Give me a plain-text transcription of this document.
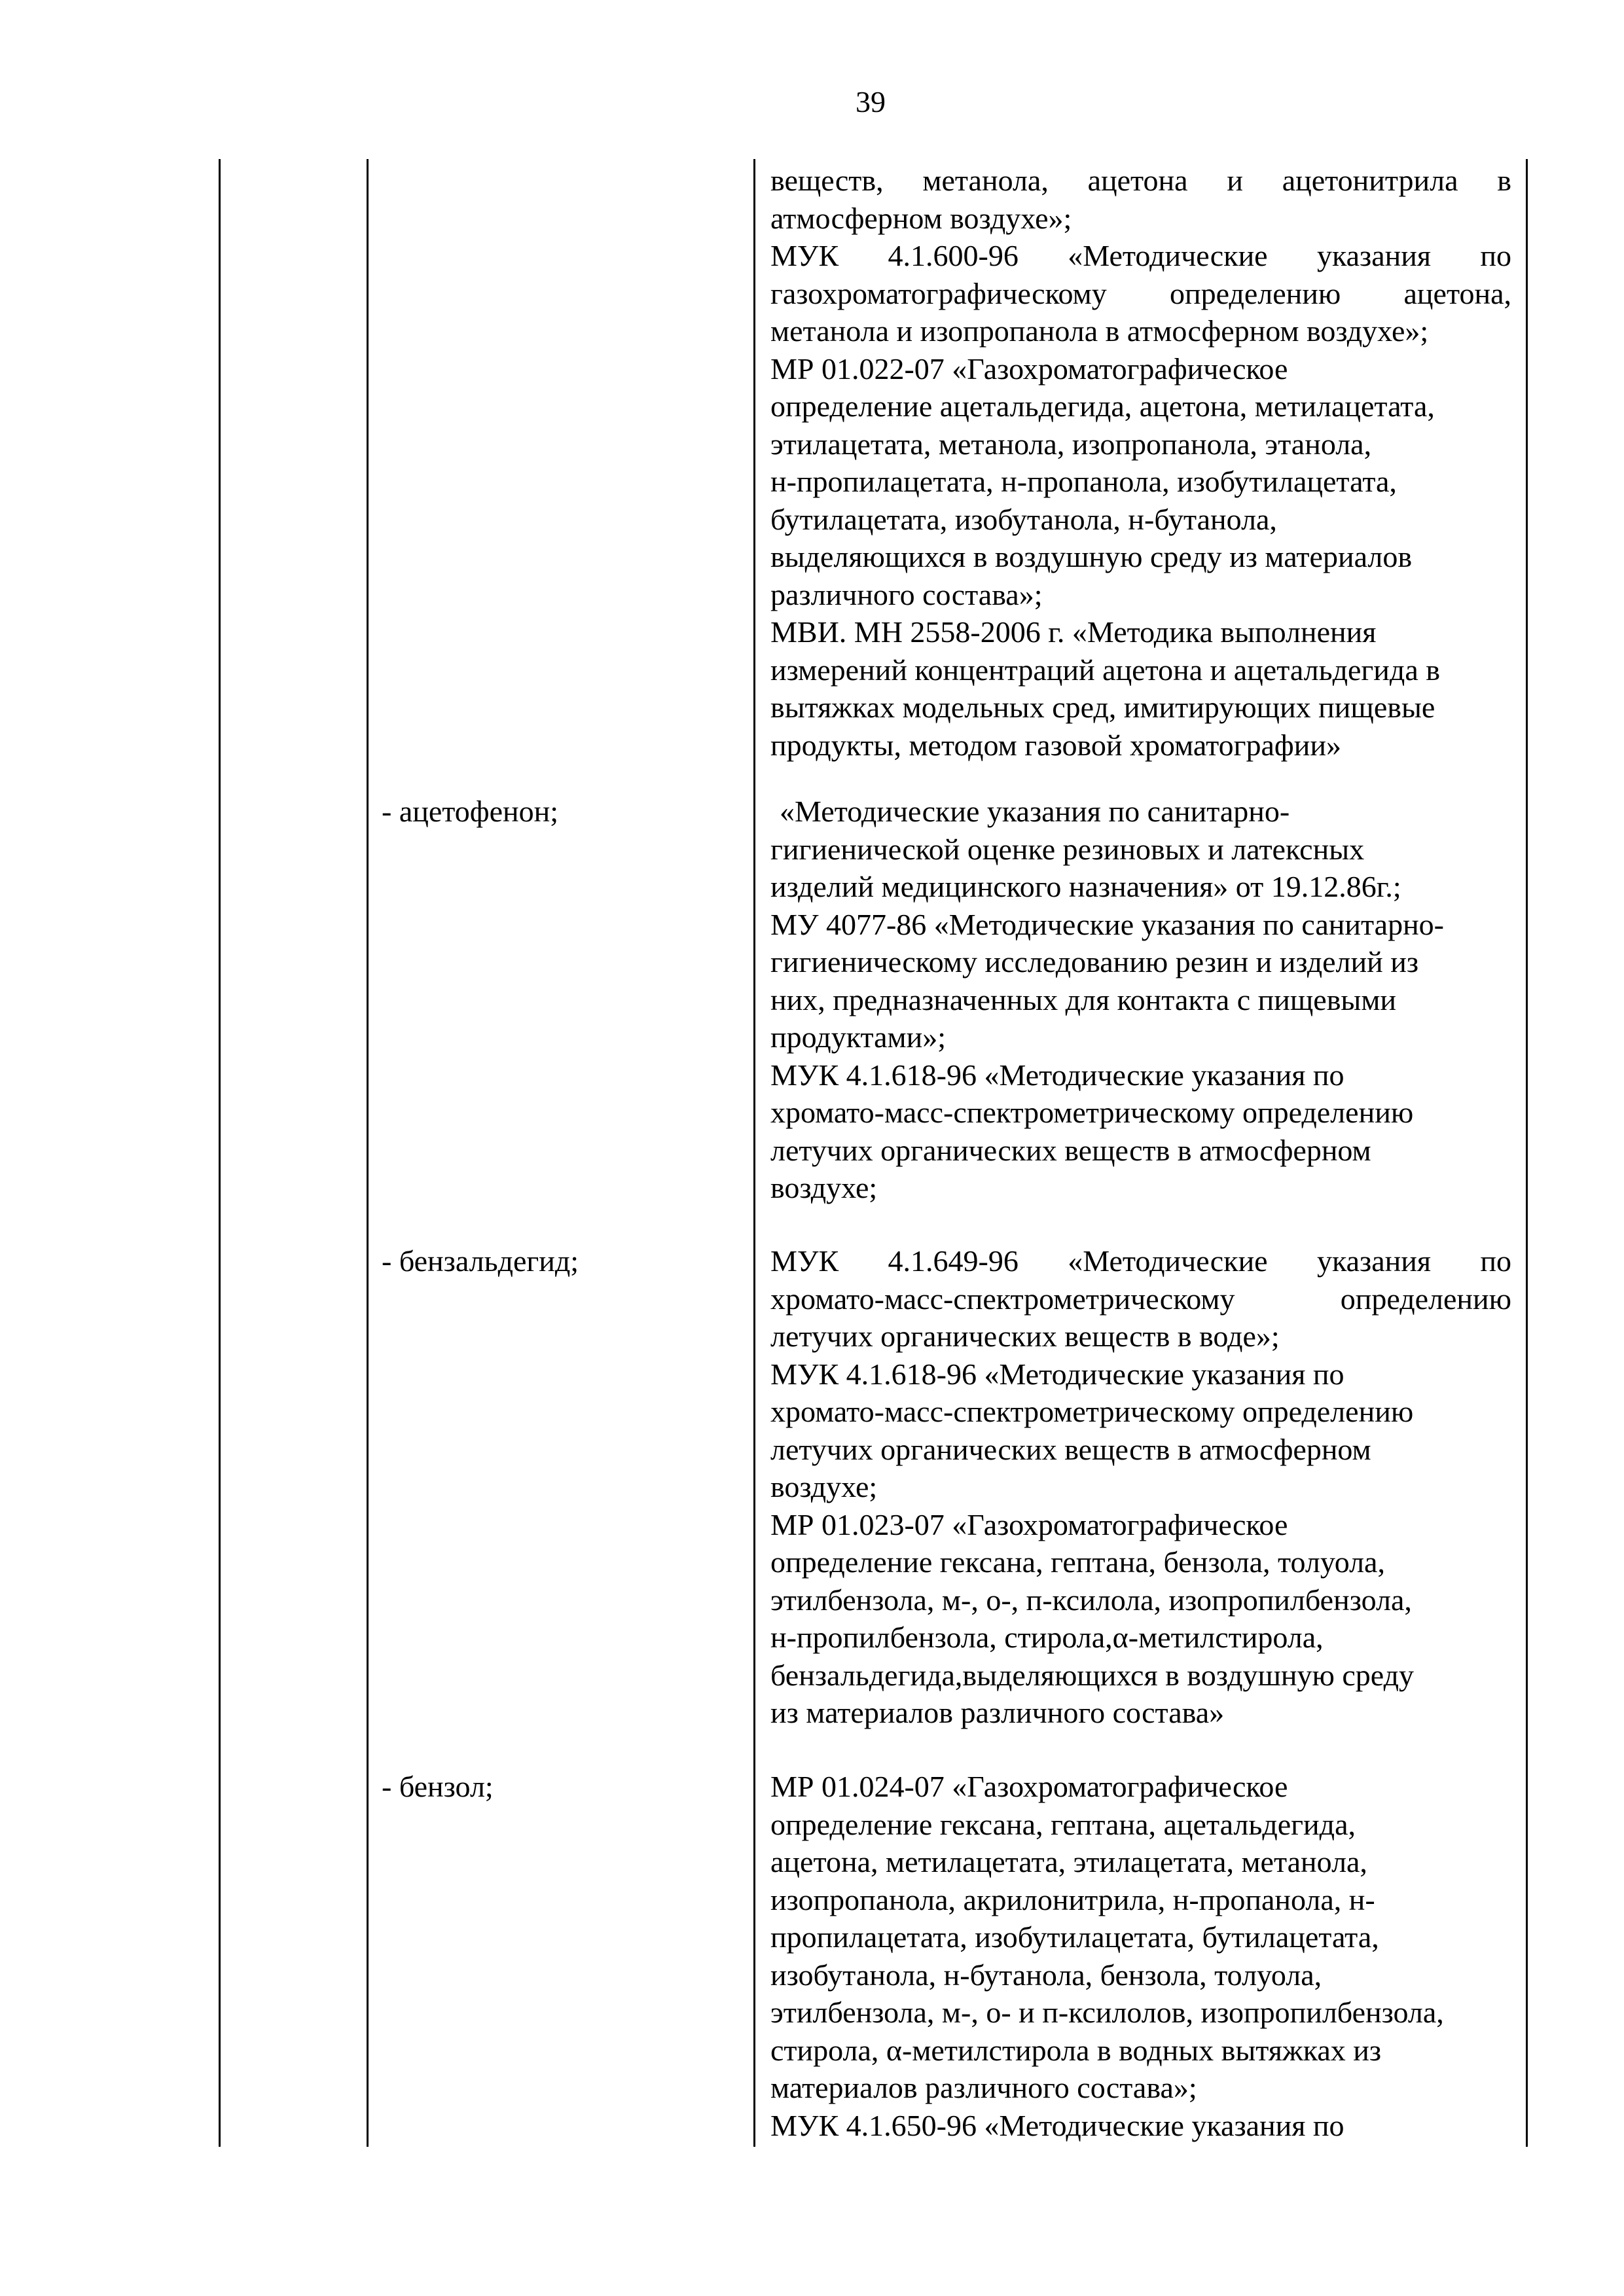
39
веществ, метанола, ацетона и ацетонитрила в
атмосферном воздухе»;
МУК 4.1.600-96 «Методические указания по
газохроматографическому определению ацетона,
метанола и изопропанола в атмосферном воздухе»;
МР 01.022-07 «Газохроматографическое
определение ацетальдегида, ацетона, метилацетата,
этилацетата, метанола, изопропанола, этанола,
н-пропилацетата, н-пропанола, изобутилацетата,
бутилацетата, изобутанола, н-бутанола,
выделяющихся в воздушную среду из материалов
различного состава»;
МВИ. МН 2558-2006 г. «Методика выполнения
измерений концентраций ацетона и ацетальдегида в
вытяжках модельных сред, имитирующих пищевые
продукты, методом газовой хроматографии»
- ацетофенон;	«Методические указания по санитарно-
гигиенической оценке резиновых и латексных
изделий медицинского назначения» от 19.12.86г.;
МУ 4077-86 «Методические указания по санитарно-
гигиеническому исследованию резин и изделий из
них, предназначенных для контакта с пищевыми
продуктами»;
МУК 4.1.618-96 «Методические указания по
хромато-масс-спектрометрическому определению
летучих органических веществ в атмосферном
воздухе;
- бензальдегид;	МУК 4.1.649-96 «Методические указания по
хромато-масс-спектрометрическому определению
летучих органических веществ в воде»;
МУК 4.1.618-96 «Методические указания по
хромато-масс-спектрометрическому определению
летучих органических веществ в атмосферном
воздухе;
МР 01.023-07 «Газохроматографическое
определение гексана, гептана, бензола, толуола,
этилбензола, м-, о-, п-ксилола, изопропилбензола,
н-пропилбензола, стирола,α-метилстирола,
бензальдегида,выделяющихся в воздушную среду
из материалов различного состава»
- бензол;	МР 01.024-07 «Газохроматографическое
определение гексана, гептана, ацетальдегида,
ацетона, метилацетата, этилацетата, метанола,
изопропанола, акрилонитрила, н-пропанола, н-
пропилацетата, изобутилацетата, бутилацетата,
изобутанола, н-бутанола, бензола, толуола,
этилбензола, м-, о- и п-ксилолов, изопропилбензола,
стирола, α-метилстирола в водных вытяжках из
материалов различного состава»;
МУК 4.1.650-96 «Методические указания по
